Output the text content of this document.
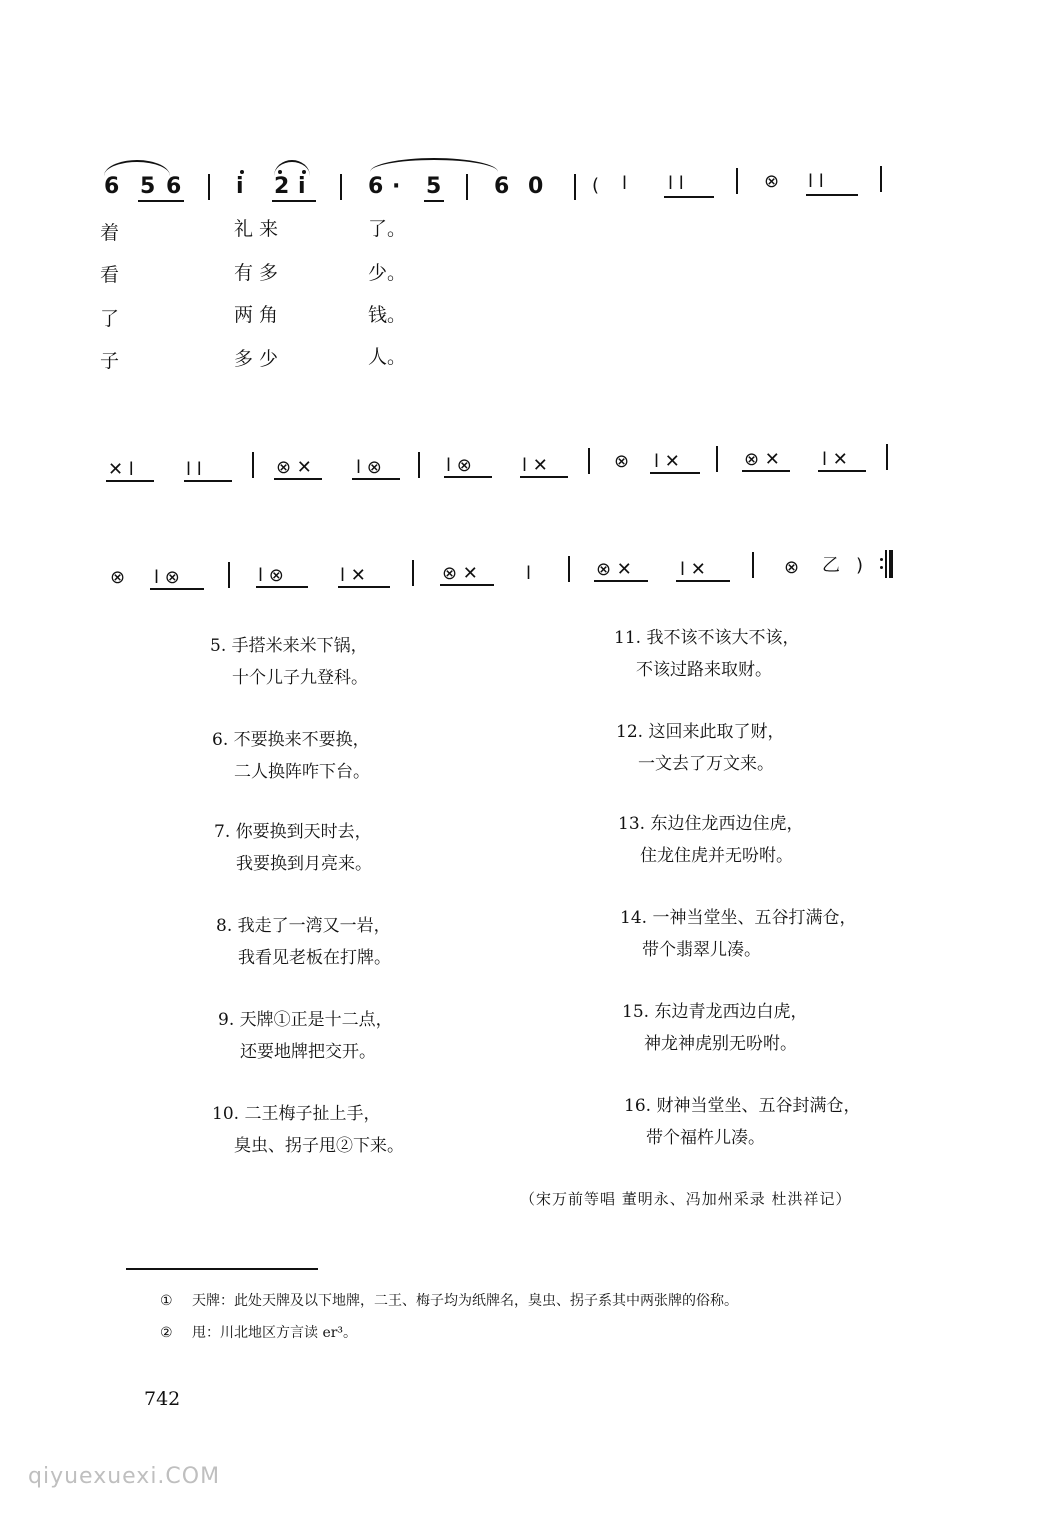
6 5 6 i 2 i	6 · 5 6 0	( l l l	⊗ l l
着	礼 来	了。
看	有 多	少。
了	两 角	钱。
子	多 少	人。
✕ l	l l	⊗ ✕ l ⊗	l ⊗	l ✕	⊗ l ✕	⊗ ✕ l ✕
⊗ l ⊗	l ⊗	l ✕	⊗ ✕	l	⊗ ✕	l ✕	⊗ 乙 )
5. 手搭米来米下锅，
十个儿子九登科。
6. 不要换来不要换，
二人换阵咋下台。
7. 你要换到天时去，
我要换到月亮来。
8. 我走了一湾又一岩，
我看见老板在打牌。
9. 天牌①正是十二点，
还要地牌把交开。
10. 二王梅子扯上手，
臭虫、拐子甩②下来。
11. 我不该不该大不该，
不该过路来取财。
12. 这回来此取了财，
一文去了万文来。
13. 东边住龙西边住虎，
住龙住虎并无吩咐。
14. 一神当堂坐、五谷打满仓，
带个翡翠儿凑。
15. 东边青龙西边白虎，
神龙神虎别无吩咐。
16. 财神当堂坐、五谷封满仓，
带个福杵儿凑。
（宋万前等唱 董明永、冯加州采录 杜洪祥记）
① 天牌：此处天牌及以下地牌，二王、梅子均为纸牌名，臭虫、拐子系其中两张牌的俗称。
② 甩：川北地区方言读 er³。
742
qiyuexuexi.COM
